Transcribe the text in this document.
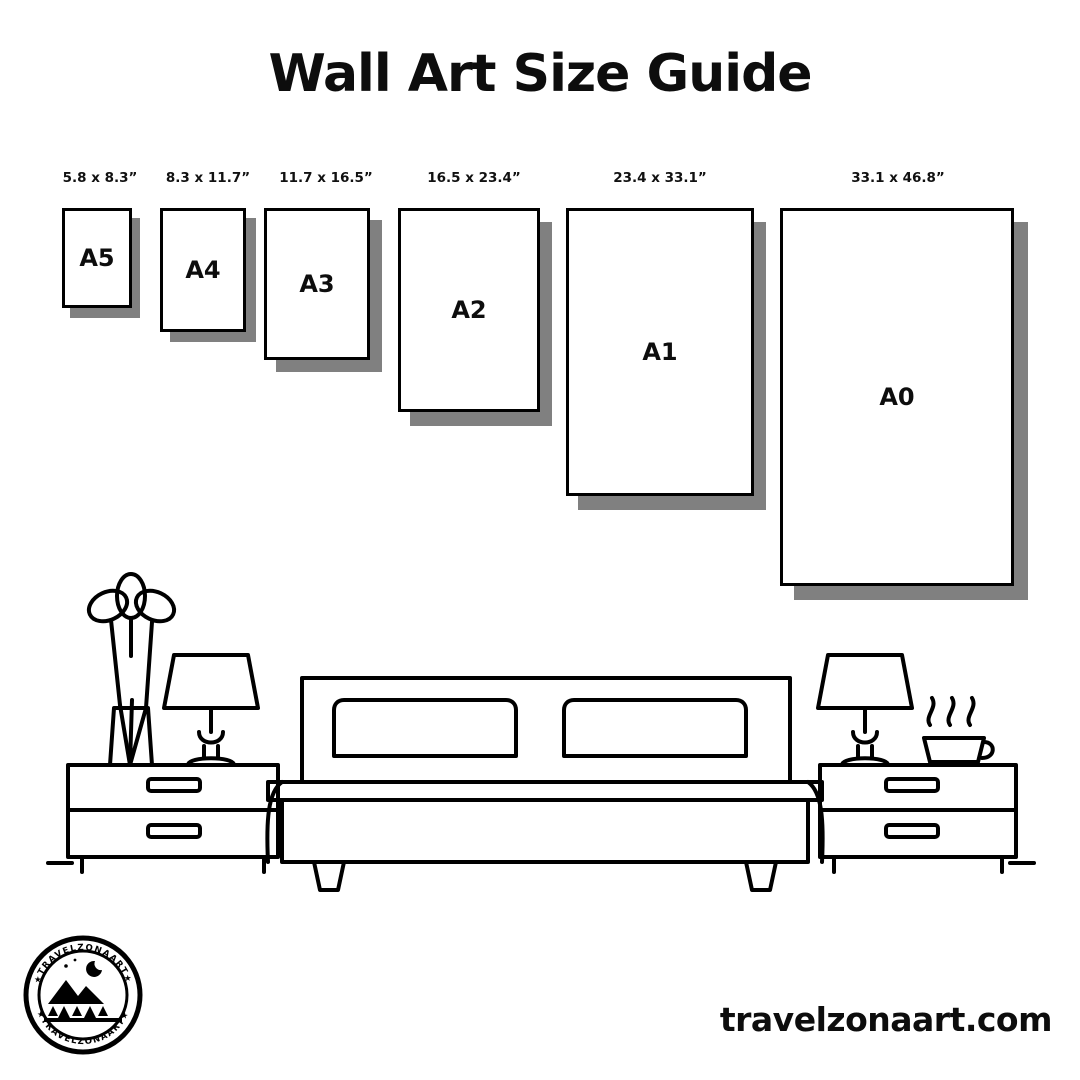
Wall Art Size Guide
5.8 x 8.3”
A5
8.3 x 11.7”
A4
11.7 x 16.5”
A3
16.5 x 23.4”
A2
23.4 x 33.1”
A1
33.1 x 46.8”
A0
★TRAVELZONAART★
★TRAVELZONAART★	travelzonaart.com
